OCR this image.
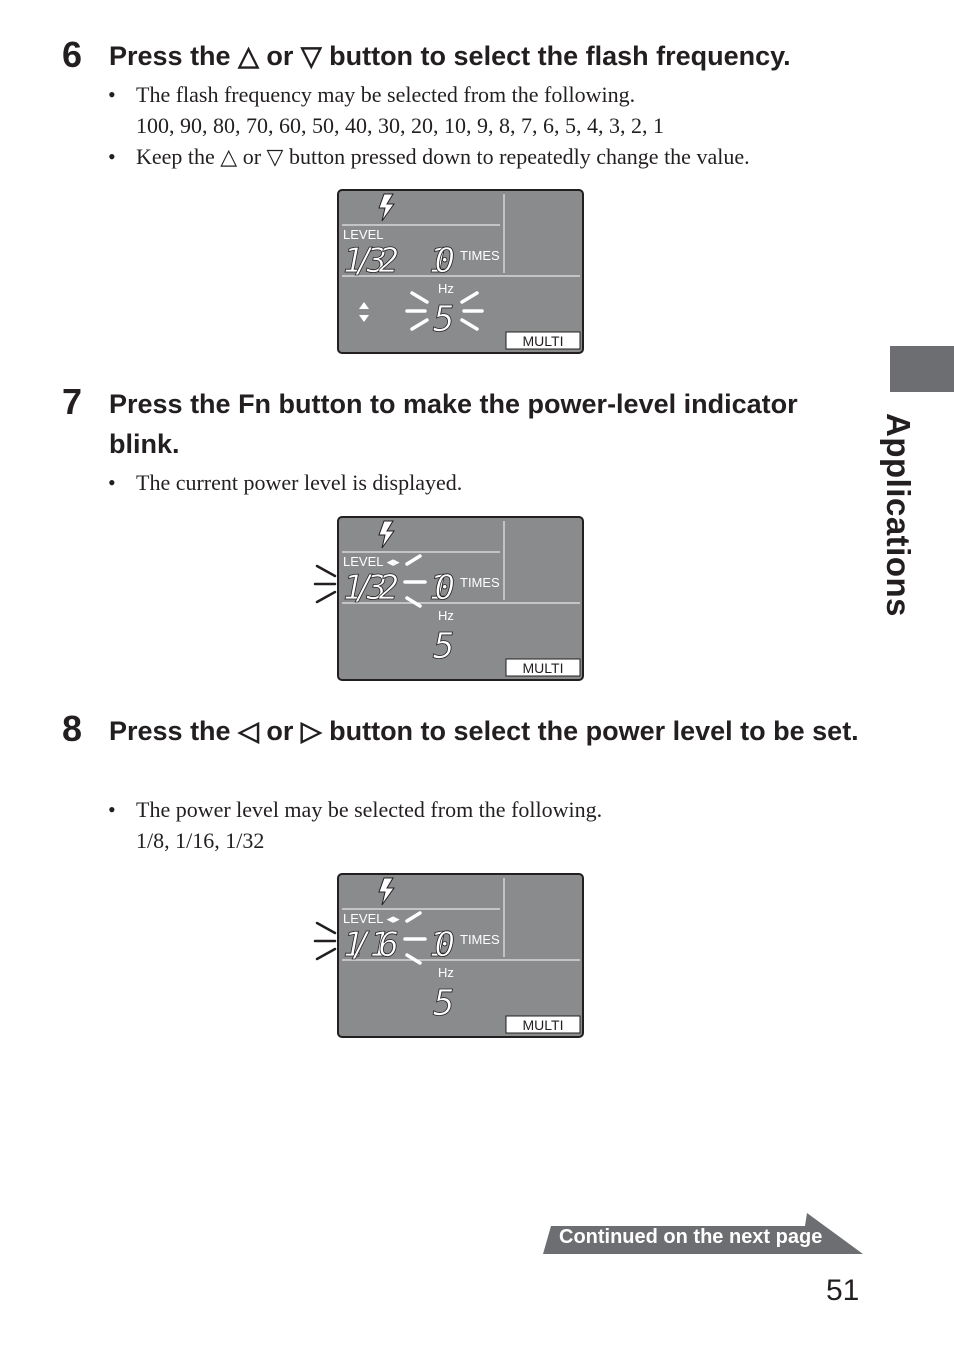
6 Press the △ or ▽ button to select the flash frequency.
• The flash frequency may be selected from the following.
100, 90, 80, 70, 60, 50, 40, 30, 20, 10, 9, 8, 7, 6, 5, 4, 3, 2, 1
• Keep the △ or ▽ button pressed down to repeatedly change the value.
LEVEL
1/32 10 TIMES
Hz
5
MULTI
7 Press the Fn button to make the power-level indicator blink.
• The current power level is displayed.
LEVEL ◂▸
1/32 10 TIMES
Hz
5
MULTI
8 Press the ◁ or ▷ button to select the power level to be set.
• The power level may be selected from the following.
1/8, 1/16, 1/32
LEVEL ◂▸
1/ 16 10 TIMES
Hz
5
MULTI
Applications
Continued on the next page
51
